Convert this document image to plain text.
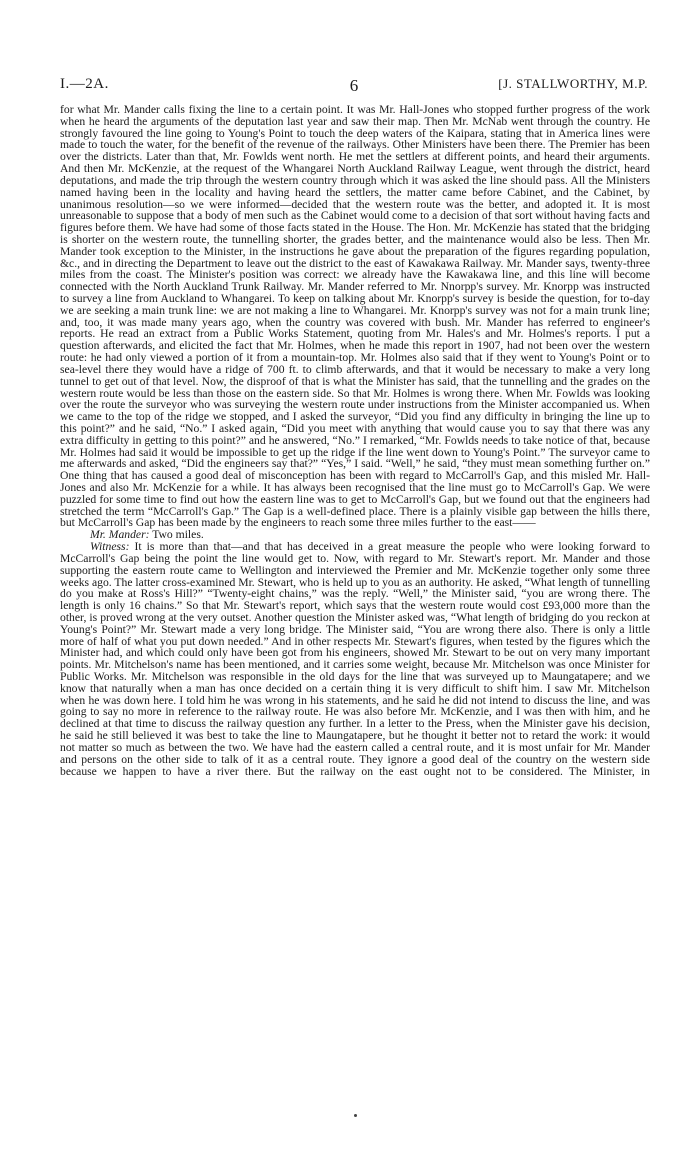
I.—2A.	6	[J. STALLWORTHY, M.P.

for what Mr. Mander calls fixing the line to a certain point. It was Mr. Hall-Jones who stopped further progress of the work when he heard the arguments of the deputation last year and saw their map. Then Mr. McNab went through the country. He strongly favoured the line going to Young's Point to touch the deep waters of the Kaipara, stating that in America lines were made to touch the water, for the benefit of the revenue of the railways. Other Ministers have been there. The Premier has been over the districts. Later than that, Mr. Fowlds went north. He met the settlers at different points, and heard their arguments. And then Mr. McKenzie, at the request of the Whangarei North Auckland Railway League, went through the district, heard deputations, and made the trip through the western country through which it was asked the line should pass. All the Ministers named having been in the locality and having heard the settlers, the matter came before Cabinet, and the Cabinet, by unanimous resolution—so we were informed—decided that the western route was the better, and adopted it. It is most unreasonable to suppose that a body of men such as the Cabinet would come to a decision of that sort without having facts and figures before them. We have had some of those facts stated in the House. The Hon. Mr. McKenzie has stated that the bridging is shorter on the western route, the tunnelling shorter, the grades better, and the maintenance would also be less. Then Mr. Mander took exception to the Minister, in the instructions he gave about the preparation of the figures regarding population, &c., and in directing the Department to leave out the district to the east of Kawakawa Railway. Mr. Mander says, twenty-three miles from the coast. The Minister's position was correct: we already have the Kawakawa line, and this line will become connected with the North Auckland Trunk Railway. Mr. Mander referred to Mr. Nnorpp's survey. Mr. Knorpp was instructed to survey a line from Auckland to Whangarei. To keep on talking about Mr. Knorpp's survey is beside the question, for to-day we are seeking a main trunk line: we are not making a line to Whangarei. Mr. Knorpp's survey was not for a main trunk line; and, too, it was made many years ago, when the country was covered with bush. Mr. Mander has referred to engineer's reports. He read an extract from a Public Works Statement, quoting from Mr. Hales's and Mr. Holmes's reports. I put a question afterwards, and elicited the fact that Mr. Holmes, when he made this report in 1907, had not been over the western route: he had only viewed a portion of it from a mountain-top. Mr. Holmes also said that if they went to Young's Point or to sea-level there they would have a ridge of 700 ft. to climb afterwards, and that it would be necessary to make a very long tunnel to get out of that level. Now, the disproof of that is what the Minister has said, that the tunnelling and the grades on the western route would be less than those on the eastern side. So that Mr. Holmes is wrong there. When Mr. Fowlds was looking over the route the surveyor who was surveying the western route under instructions from the Minister accompanied us. When we came to the top of the ridge we stopped, and I asked the surveyor, “Did you find any difficulty in bringing the line up to this point?” and he said, “No.” I asked again, “Did you meet with anything that would cause you to say that there was any extra difficulty in getting to this point?” and he answered, “No.” I remarked, “Mr. Fowlds needs to take notice of that, because Mr. Holmes had said it would be impossible to get up the ridge if the line went down to Young's Point.” The surveyor came to me afterwards and asked, “Did the engineers say that?” “Yes,” I said. “Well,” he said, “they must mean something further on.” One thing that has caused a good deal of misconception has been with regard to McCarroll's Gap, and this misled Mr. Hall-Jones and also Mr. McKenzie for a while. It has always been recognised that the line must go to McCarroll's Gap. We were puzzled for some time to find out how the eastern line was to get to McCarroll's Gap, but we found out that the engineers had stretched the term “McCarroll's Gap.” The Gap is a well-defined place. There is a plainly visible gap between the hills there, but McCarroll's Gap has been made by the engineers to reach some three miles further to the east——

Mr. Mander: Two miles.

Witness: It is more than that—and that has deceived in a great measure the people who were looking forward to McCarroll's Gap being the point the line would get to. Now, with regard to Mr. Stewart's report. Mr. Mander and those supporting the eastern route came to Wellington and interviewed the Premier and Mr. McKenzie together only some three weeks ago. The latter cross-examined Mr. Stewart, who is held up to you as an authority. He asked, “What length of tunnelling do you make at Ross's Hill?” “Twenty-eight chains,” was the reply. “Well,” the Minister said, “you are wrong there. The length is only 16 chains.” So that Mr. Stewart's report, which says that the western route would cost £93,000 more than the other, is proved wrong at the very outset. Another question the Minister asked was, “What length of bridging do you reckon at Young's Point?” Mr. Stewart made a very long bridge. The Minister said, “You are wrong there also. There is only a little more of half of what you put down needed.” And in other respects Mr. Stewart's figures, when tested by the figures which the Minister had, and which could only have been got from his engineers, showed Mr. Stewart to be out on very many important points. Mr. Mitchelson's name has been mentioned, and it carries some weight, because Mr. Mitchelson was once Minister for Public Works. Mr. Mitchelson was responsible in the old days for the line that was surveyed up to Maungatapere; and we know that naturally when a man has once decided on a certain thing it is very difficult to shift him. I saw Mr. Mitchelson when he was down here. I told him he was wrong in his statements, and he said he did not intend to discuss the line, and was going to say no more in reference to the railway route. He was also before Mr. McKenzie, and I was then with him, and he declined at that time to discuss the railway question any further. In a letter to the Press, when the Minister gave his decision, he said he still believed it was best to take the line to Maungatapere, but he thought it better not to retard the work: it would not matter so much as between the two. We have had the eastern called a central route, and it is most unfair for Mr. Mander and persons on the other side to talk of it as a central route. They ignore a good deal of the country on the western side because we happen to have a river there. But the railway on the east ought not to be considered. The Minister, in
